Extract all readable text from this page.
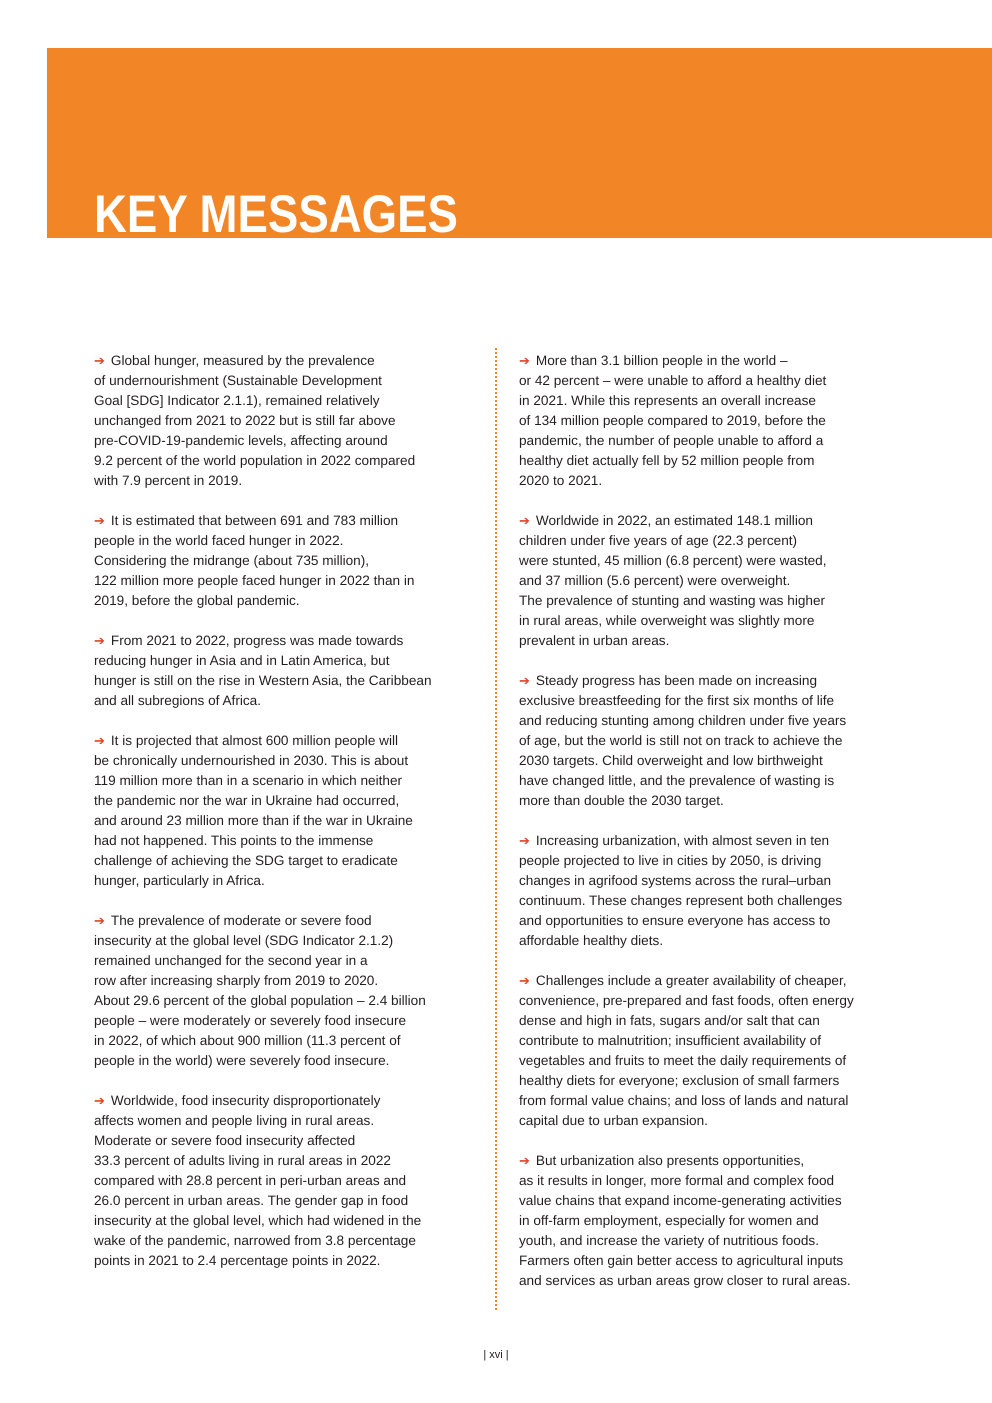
KEY MESSAGES
➔ Global hunger, measured by the prevalence
of undernourishment (Sustainable Development
Goal [SDG] Indicator 2.1.1), remained relatively
unchanged from 2021 to 2022 but is still far above
pre-COVID-19-pandemic levels, affecting around
9.2 percent of the world population in 2022 compared
with 7.9 percent in 2019.
➔ It is estimated that between 691 and 783 million
people in the world faced hunger in 2022.
Considering the midrange (about 735 million),
122 million more people faced hunger in 2022 than in
2019, before the global pandemic.
➔ From 2021 to 2022, progress was made towards
reducing hunger in Asia and in Latin America, but
hunger is still on the rise in Western Asia, the Caribbean
and all subregions of Africa.
➔ It is projected that almost 600 million people will
be chronically undernourished in 2030. This is about
119 million more than in a scenario in which neither
the pandemic nor the war in Ukraine had occurred,
and around 23 million more than if the war in Ukraine
had not happened. This points to the immense
challenge of achieving the SDG target to eradicate
hunger, particularly in Africa.
➔ The prevalence of moderate or severe food
insecurity at the global level (SDG Indicator 2.1.2)
remained unchanged for the second year in a
row after increasing sharply from 2019 to 2020.
About 29.6 percent of the global population – 2.4 billion
people – were moderately or severely food insecure
in 2022, of which about 900 million (11.3 percent of
people in the world) were severely food insecure.
➔ Worldwide, food insecurity disproportionately
affects women and people living in rural areas.
Moderate or severe food insecurity affected
33.3 percent of adults living in rural areas in 2022
compared with 28.8 percent in peri-urban areas and
26.0 percent in urban areas. The gender gap in food
insecurity at the global level, which had widened in the
wake of the pandemic, narrowed from 3.8 percentage
points in 2021 to 2.4 percentage points in 2022.
➔ More than 3.1 billion people in the world –
or 42 percent – were unable to afford a healthy diet
in 2021. While this represents an overall increase
of 134 million people compared to 2019, before the
pandemic, the number of people unable to afford a
healthy diet actually fell by 52 million people from
2020 to 2021.
➔ Worldwide in 2022, an estimated 148.1 million
children under five years of age (22.3 percent)
were stunted, 45 million (6.8 percent) were wasted,
and 37 million (5.6 percent) were overweight.
The prevalence of stunting and wasting was higher
in rural areas, while overweight was slightly more
prevalent in urban areas.
➔ Steady progress has been made on increasing
exclusive breastfeeding for the first six months of life
and reducing stunting among children under five years
of age, but the world is still not on track to achieve the
2030 targets. Child overweight and low birthweight
have changed little, and the prevalence of wasting is
more than double the 2030 target.
➔ Increasing urbanization, with almost seven in ten
people projected to live in cities by 2050, is driving
changes in agrifood systems across the rural–urban
continuum. These changes represent both challenges
and opportunities to ensure everyone has access to
affordable healthy diets.
➔ Challenges include a greater availability of cheaper,
convenience, pre-prepared and fast foods, often energy
dense and high in fats, sugars and/or salt that can
contribute to malnutrition; insufficient availability of
vegetables and fruits to meet the daily requirements of
healthy diets for everyone; exclusion of small farmers
from formal value chains; and loss of lands and natural
capital due to urban expansion.
➔ But urbanization also presents opportunities,
as it results in longer, more formal and complex food
value chains that expand income-generating activities
in off-farm employment, especially for women and
youth, and increase the variety of nutritious foods.
Farmers often gain better access to agricultural inputs
and services as urban areas grow closer to rural areas.
| xvi |
